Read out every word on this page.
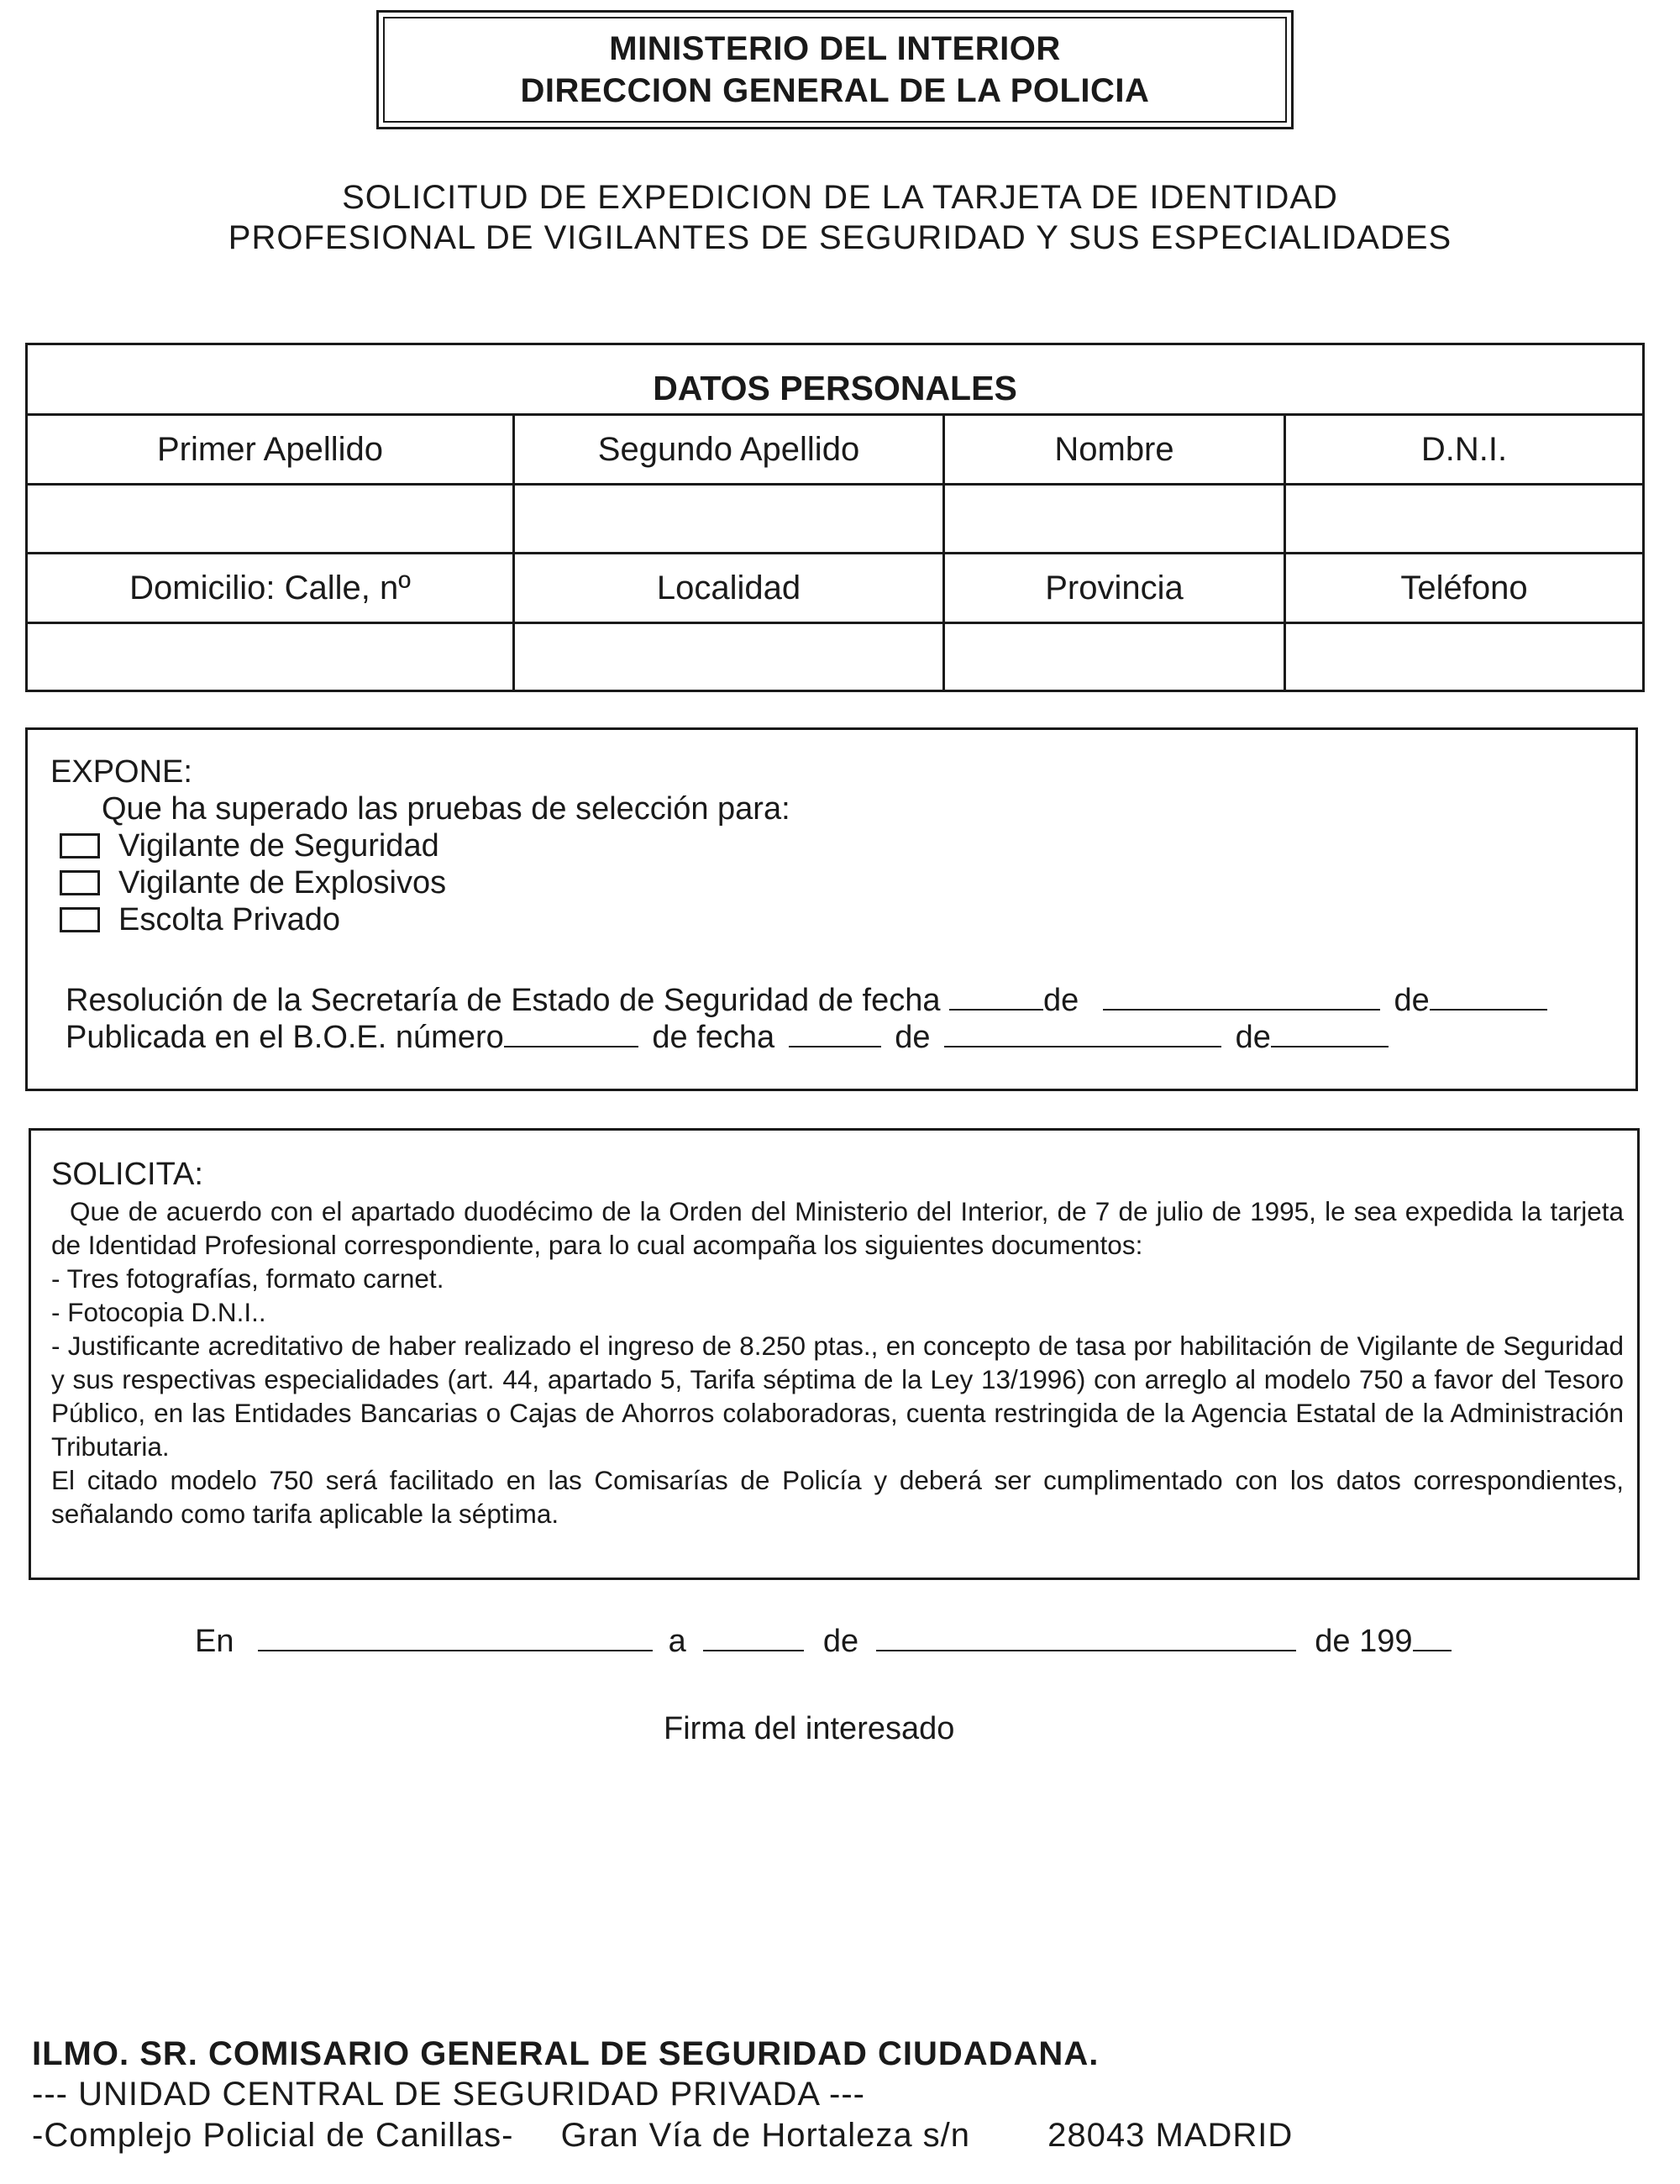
MINISTERIO DEL INTERIOR
DIRECCION GENERAL DE LA POLICIA
SOLICITUD DE EXPEDICION DE LA TARJETA DE IDENTIDAD
PROFESIONAL DE VIGILANTES DE SEGURIDAD Y SUS ESPECIALIDADES
DATOS PERSONALES
Primer Apellido	Segundo Apellido	Nombre	D.N.I.
Domicilio: Calle, nº	Localidad	Provincia	Teléfono
EXPONE:
Que ha superado las pruebas de selección para:
Vigilante de Seguridad
Vigilante de Explosivos
Escolta Privado
Resolución de la Secretaría de Estado de Seguridad de fecha	de	de
Publicada en el B.O.E. número	de fecha	de	de
SOLICITA:
Que de acuerdo con el apartado duodécimo de la Orden del Ministerio del Interior, de 7 de julio de 1995, le sea expedida la tarjeta de Identidad Profesional correspondiente, para lo cual acompaña los siguientes documentos:
- Tres fotografías, formato carnet.
- Fotocopia D.N.I..
- Justificante acreditativo de haber realizado el ingreso de 8.250 ptas., en concepto de tasa por habilitación de Vigilante de Seguridad y sus respectivas especialidades (art. 44, apartado 5, Tarifa séptima de la Ley 13/1996) con arreglo al modelo 750 a favor del Tesoro Público, en las Entidades Bancarias o Cajas de Ahorros colaboradoras, cuenta restringida de la Agencia Estatal de la Administración Tributaria.
El citado modelo 750 será facilitado en las Comisarías de Policía y deberá ser cumplimentado con los datos correspondientes, señalando como tarifa aplicable la séptima.
En	a	de	de 199
Firma del interesado
ILMO. SR. COMISARIO GENERAL DE SEGURIDAD CIUDADANA.
--- UNIDAD CENTRAL DE SEGURIDAD PRIVADA ---
-Complejo Policial de Canillas- Gran Vía de Hortaleza s/n 28043 MADRID
